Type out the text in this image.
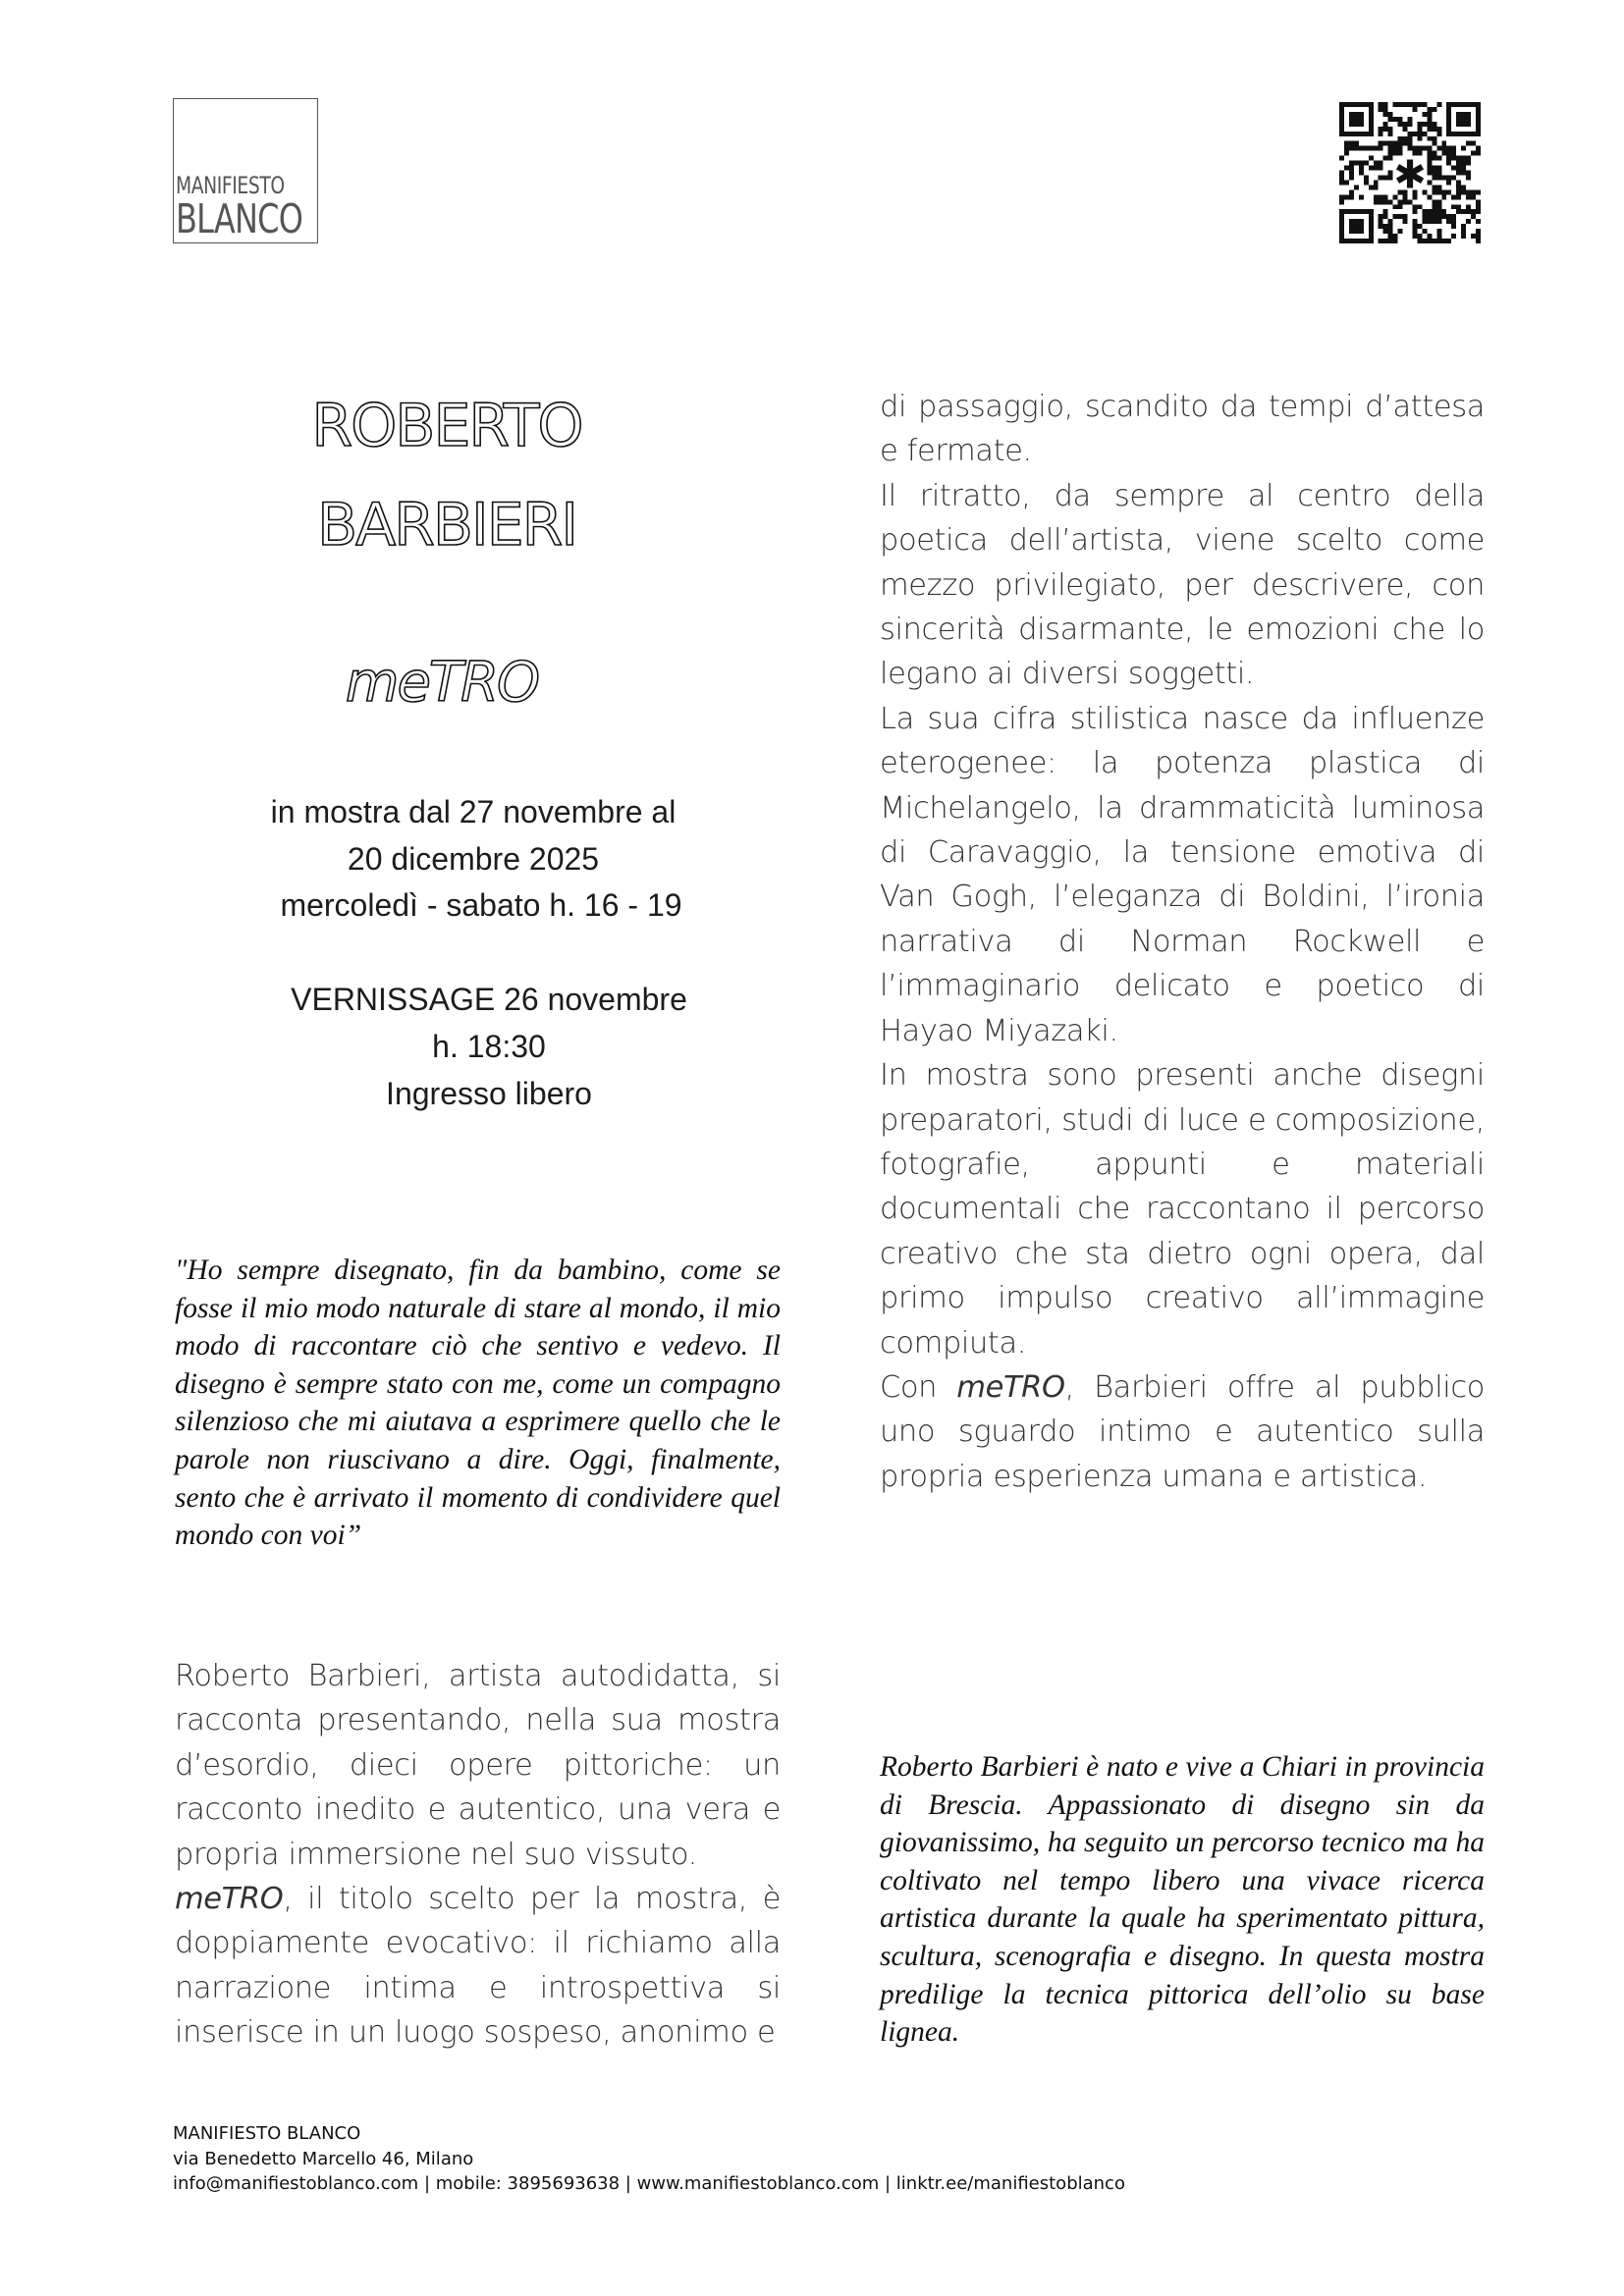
MANIFIESTO
BLANCO
✱
ROBERTO
BARBIERI
meTRO
in mostra dal 27 novembre al
20 dicembre 2025
mercoledì - sabato h. 16 - 19
VERNISSAGE 26 novembre
h. 18:30
Ingresso libero
"Ho sempre disegnato, fin da bambino, come se fosse il mio modo naturale di stare al mondo, il mio modo di raccontare ciò che sentivo e vedevo. Il disegno è sempre stato con me, come un compagno silenzioso che mi aiutava a esprimere quello che le parole non riuscivano a dire. Oggi, finalmente, sento che è arrivato il momento di condividere quel mondo con voi”

Roberto Barbieri, artista autodidatta, si racconta presentando, nella sua mostra d’esordio, dieci opere pittoriche: un racconto inedito e autentico, una vera e propria immersione nel suo vissuto.

meTRO, il titolo scelto per la mostra, è doppiamente evocativo: il richiamo alla narrazione intima e introspettiva si inserisce in un luogo sospeso, anonimo e

di passaggio, scandito da tempi d’attesa e fermate.

Il ritratto, da sempre al centro della poetica dell’artista, viene scelto come mezzo privilegiato, per descrivere, con sincerità disarmante, le emozioni che lo legano ai diversi soggetti.

La sua cifra stilistica nasce da influenze eterogenee: la potenza plastica di Michelangelo, la drammaticità luminosa di Caravaggio, la tensione emotiva di Van Gogh, l’eleganza di Boldini, l’ironia narrativa di Norman Rockwell e l’immaginario delicato e poetico di Hayao Miyazaki.

In mostra sono presenti anche disegni preparatori, studi di luce e composizione, fotografie, appunti e materiali documentali che raccontano il percorso creativo che sta dietro ogni opera, dal primo impulso creativo all’immagine compiuta.

Con meTRO, Barbieri offre al pubblico uno sguardo intimo e autentico sulla propria esperienza umana e artistica.

Roberto Barbieri è nato e vive a Chiari in provincia di Brescia. Appassionato di disegno sin da giovanissimo, ha seguito un percorso tecnico ma ha coltivato nel tempo libero una vivace ricerca artistica durante la quale ha sperimentato pittura, scultura, scenografia e disegno. In questa mostra predilige la tecnica pittorica dell’olio su base lignea.
MANIFIESTO BLANCO
via Benedetto Marcello 46, Milano
info@manifiestoblanco.com | mobile: 3895693638 | www.manifiestoblanco.com | linktr.ee/manifiestoblanco
